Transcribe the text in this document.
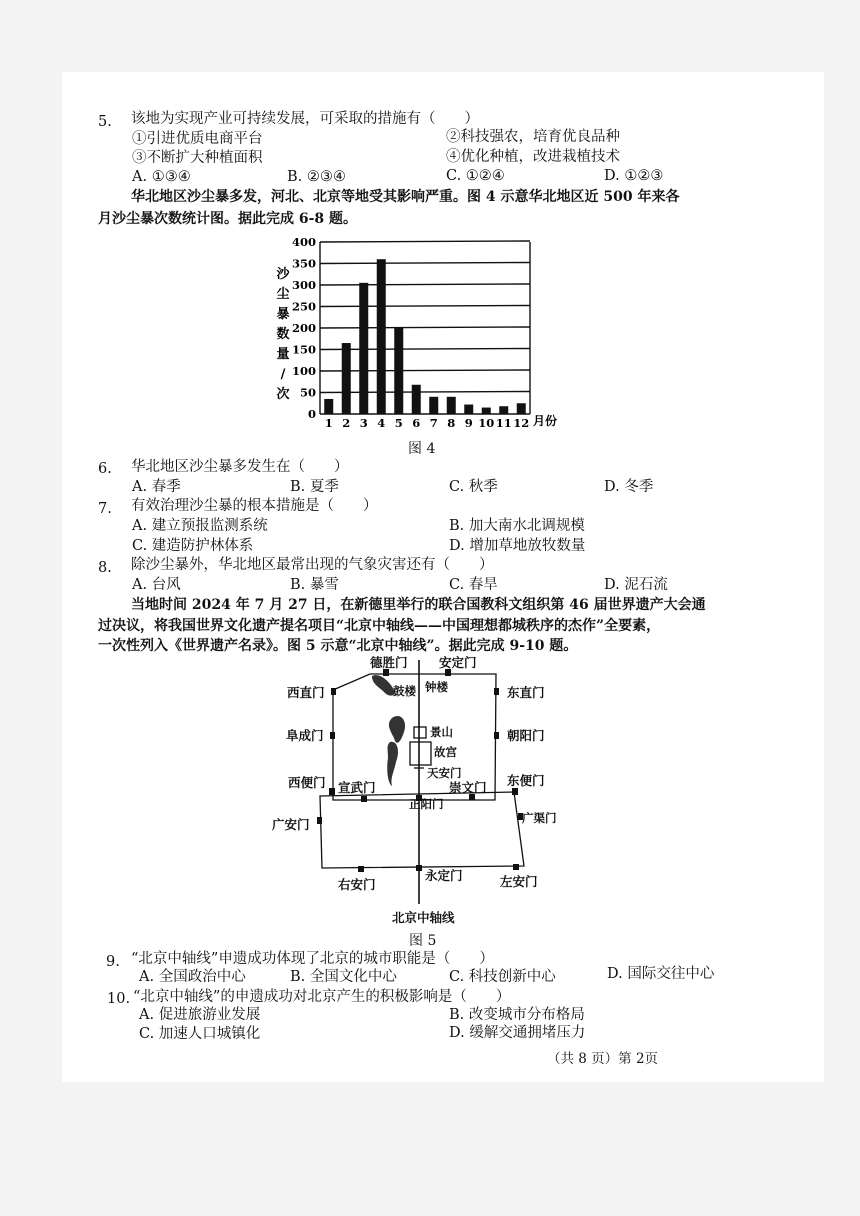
5. 该地为实现产业可持续发展，可采取的措施有（　　）
①引进优质电商平台	②科技强农，培育优良品种
③不断扩大种植面积	④优化种植，改进栽植技术
A. ①③④	B. ②③④	C. ①②④	D. ①②③
华北地区沙尘暴多发，河北、北京等地受其影响严重。图 4 示意华北地区近 500 年来各
月沙尘暴次数统计图。据此完成 6-8 题。
沙
尘
暴
数
量
/
次
0
50
100
150
200
250
300
350
400
1 2 3 4 5 6 7 8 9 10 11 12 月份
图 4
6. 华北地区沙尘暴多发生在（　　）
A. 春季	B. 夏季	C. 秋季	D. 冬季
7. 有效治理沙尘暴的根本措施是（　　）
A. 建立预报监测系统	B. 加大南水北调规模
C. 建造防护林体系	D. 增加草地放牧数量
8. 除沙尘暴外，华北地区最常出现的气象灾害还有（　　）
A. 台风	B. 暴雪	C. 春旱	D. 泥石流
当地时间 2024 年 7 月 27 日，在新德里举行的联合国教科文组织第 46 届世界遗产大会通
过决议，将我国世界文化遗产提名项目“北京中轴线——中国理想都城秩序的杰作”全要素，
一次性列入《世界遗产名录》。图 5 示意“北京中轴线”。据此完成 9-10 题。
德胜门	安定门
西直门	东直门
阜成门	朝阳门
西便门	东便门
宣武门	崇文门
正阳门
广安门	广渠门
右安门
永定门	左安门
鼓楼 钟楼
景山
故宫
天安门
北京中轴线
图 5
9. “北京中轴线”申遗成功体现了北京的城市职能是（　　）
A. 全国政治中心	B. 全国文化中心	C. 科技创新中心	D. 国际交往中心
10. “北京中轴线”的申遗成功对北京产生的积极影响是（　　）
A. 促进旅游业发展	B. 改变城市分布格局
C. 加速人口城镇化	D. 缓解交通拥堵压力
（共 8 页）第 2页
